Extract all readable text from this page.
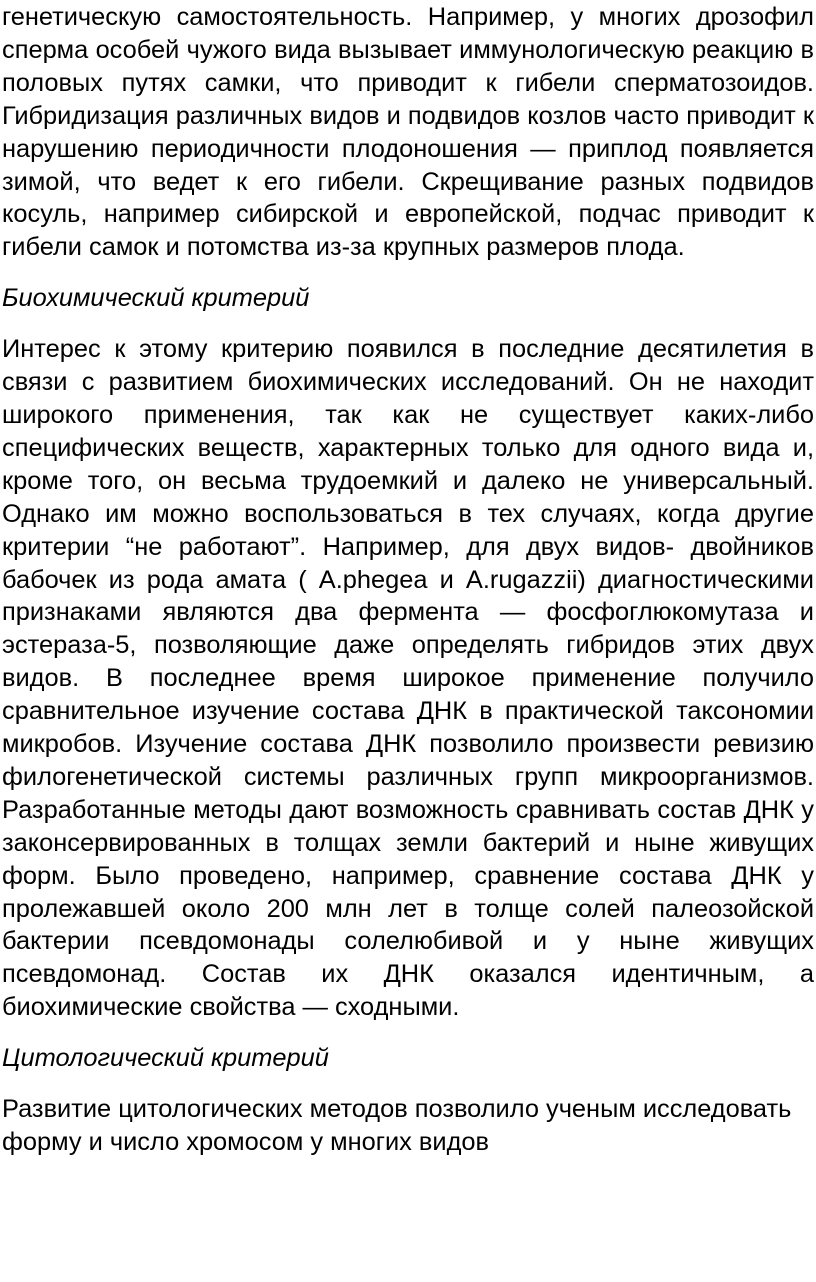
генетическую самостоятельность. Например, у многих дрозофил сперма особей чужого вида вызывает иммунологическую реакцию в половых путях самки, что приводит к гибели сперматозоидов. Гибридизация различных видов и подвидов козлов часто приводит к нарушению периодичности плодоношения — приплод появляется зимой, что ведет к его гибели. Скрещивание разных подвидов косуль, например сибирской и европейской, подчас приводит к гибели самок и потомства из-за крупных размеров плода.

Биохимический критерий

Интерес к этому критерию появился в последние десятилетия в связи с развитием биохимических исследований. Он не находит широкого применения, так как не существует каких-либо специфических веществ, характерных только для одного вида и, кроме того, он весьма трудоемкий и далеко не универсальный. Однако им можно воспользоваться в тех случаях, когда другие критерии “не работают”. Например, для двух видов- двойников бабочек из рода амата ( A.phegea и A.rugazzii) диагностическими признаками являются два фермента — фосфоглюкомутаза и эстераза-5, позволяющие даже определять гибридов этих двух видов. В последнее время широкое применение получило сравнительное изучение состава ДНК в практической таксономии микробов. Изучение состава ДНК позволило произвести ревизию филогенетической системы различных групп микроорганизмов. Разработанные методы дают возможность сравнивать состав ДНК у законсервированных в толщах земли бактерий и ныне живущих форм. Было проведено, например, сравнение состава ДНК у пролежавшей около 200 млн лет в толще солей палеозойской бактерии псевдомонады солелюбивой и у ныне живущих псевдомонад. Состав их ДНК оказался идентичным, а биохимические свойства — сходными.

Цитологический критерий

Развитие цитологических методов позволило ученым исследовать форму и число хромосом у многих видов
